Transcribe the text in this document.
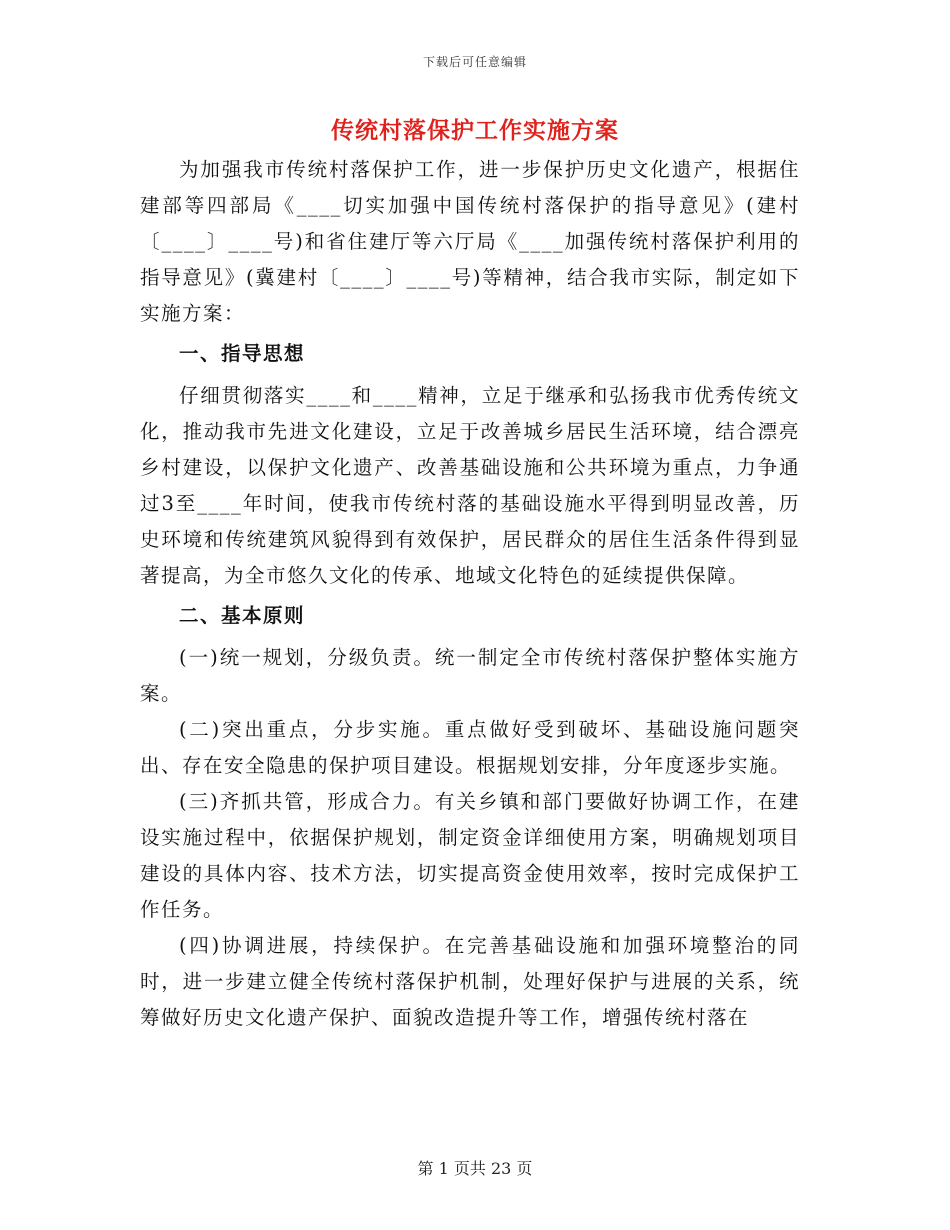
下载后可任意编辑
传统村落保护工作实施方案

为加强我市传统村落保护工作，进一步保护历史文化遗产，根据住建部等四部局《____切实加强中国传统村落保护的指导意见》(建村〔____〕____号)和省住建厅等六厅局《____加强传统村落保护利用的指导意见》(冀建村〔____〕____号)等精神，结合我市实际，制定如下实施方案：

一、指导思想

仔细贯彻落实____和____精神，立足于继承和弘扬我市优秀传统文化，推动我市先进文化建设，立足于改善城乡居民生活环境，结合漂亮乡村建设，以保护文化遗产、改善基础设施和公共环境为重点，力争通过3至____年时间，使我市传统村落的基础设施水平得到明显改善，历史环境和传统建筑风貌得到有效保护，居民群众的居住生活条件得到显著提高，为全市悠久文化的传承、地域文化特色的延续提供保障。

二、基本原则

(一)统一规划，分级负责。统一制定全市传统村落保护整体实施方案。

(二)突出重点，分步实施。重点做好受到破坏、基础设施问题突出、存在安全隐患的保护项目建设。根据规划安排，分年度逐步实施。

(三)齐抓共管，形成合力。有关乡镇和部门要做好协调工作，在建设实施过程中，依据保护规划，制定资金详细使用方案，明确规划项目建设的具体内容、技术方法，切实提高资金使用效率，按时完成保护工作任务。

(四)协调进展，持续保护。在完善基础设施和加强环境整治的同时，进一步建立健全传统村落保护机制，处理好保护与进展的关系，统筹做好历史文化遗产保护、面貌改造提升等工作，增强传统村落在

第 1 页共 23 页
